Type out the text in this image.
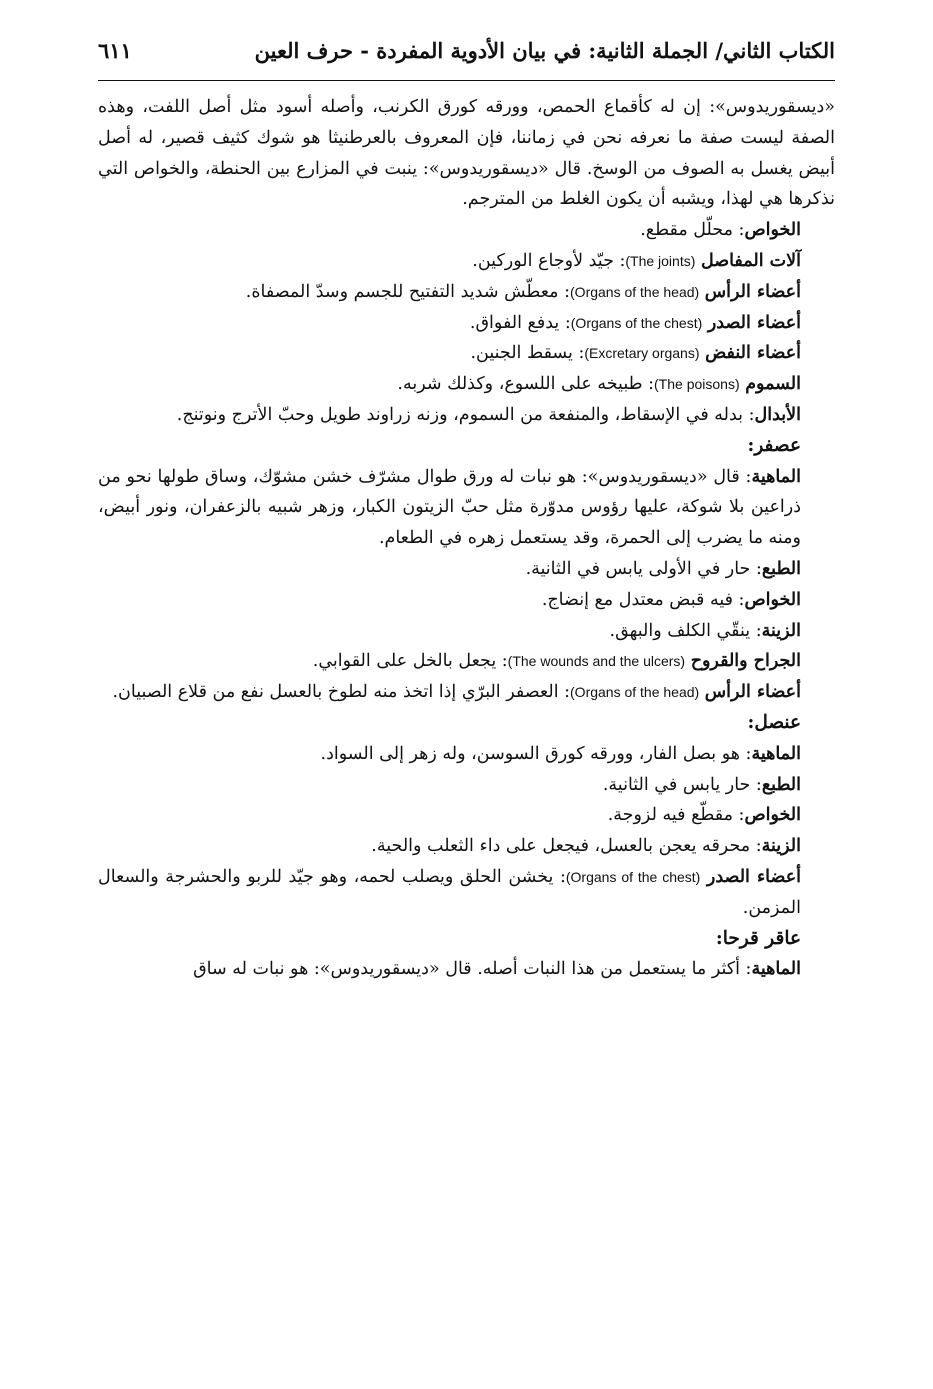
الكتاب الثاني/ الجملة الثانية: في بيان الأدوية المفردة - حرف العين
٦١١

«ديسقوريدوس»: إن له كأقماع الحمص، وورقه كورق الكرنب، وأصله أسود مثل أصل اللفت، وهذه الصفة ليست صفة ما نعرفه نحن في زماننا، فإن المعروف بالعرطنيثا هو شوك كثيف قصير، له أصل أبيض يغسل به الصوف من الوسخ. قال «ديسقوريدوس»: ينبت في المزارع بين الحنطة، والخواص التي نذكرها هي لهذا، ويشبه أن يكون الغلط من المترجم.

الخواص: محلّل مقطع.

آلات المفاصل (The joints): جيّد لأوجاع الوركين.

أعضاء الرأس (Organs of the head): معطّش شديد التفتيح للجسم وسدّ المصفاة.

أعضاء الصدر (Organs of the chest): يدفع الفواق.

أعضاء النفض (Excretary organs): يسقط الجنين.

السموم (The poisons): طبيخه على اللسوع، وكذلك شربه.

الأبدال: بدله في الإسقاط، والمنفعة من السموم، وزنه زراوند طويل وحبّ الأترج ونوتنج.

عصفر:

الماهية: قال «ديسقوريدوس»: هو نبات له ورق طوال مشرّف خشن مشوّك، وساق طولها نحو من ذراعين بلا شوكة، عليها رؤوس مدوّرة مثل حبّ الزيتون الكبار، وزهر شبيه بالزعفران، ونور أبيض، ومنه ما يضرب إلى الحمرة، وقد يستعمل زهره في الطعام.

الطبع: حار في الأولى يابس في الثانية.

الخواص: فيه قبض معتدل مع إنضاج.

الزينة: ينقّي الكلف والبهق.

الجراح والقروح (The wounds and the ulcers): يجعل بالخل على القوابي.

أعضاء الرأس (Organs of the head): العصفر البرّي إذا اتخذ منه لطوخ بالعسل نفع من قلاع الصبيان.

عنصل:

الماهية: هو بصل الفار، وورقه كورق السوسن، وله زهر إلى السواد.

الطبع: حار يابس في الثانية.

الخواص: مقطّع فيه لزوجة.

الزينة: محرقه يعجن بالعسل، فيجعل على داء الثعلب والحية.

أعضاء الصدر (Organs of the chest): يخشن الحلق ويصلب لحمه، وهو جيّد للربو والحشرجة والسعال المزمن.

عاقر قرحا:

الماهية: أكثر ما يستعمل من هذا النبات أصله. قال «ديسقوريدوس»: هو نبات له ساق
